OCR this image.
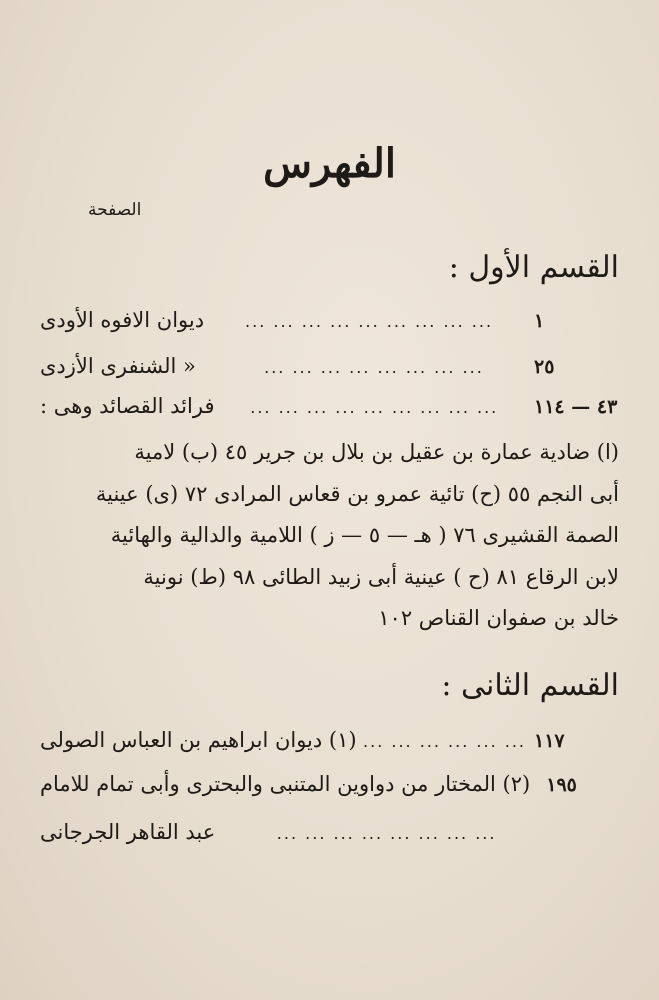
الفهرس
الصفحة
القسم الأول :
ديوان الافوه الأودى	... ... ... ... ... ... ... ... ...	١
« الشنفرى الأزدى	... ... ... ... ... ... ... ...	٢٥
فرائد القصائد وهى :	... ... ... ... ... ... ... ... ...	٤٣ — ١١٤
(ا) ضادية عمارة بن عقيل بن بلال بن جرير ٤٥ (ب) لامية
أبى النجم ٥٥ (ح) تائية عمرو بن قعاس المرادى ٧٢ (ى) عينية
الصمة القشيرى ٧٦ ( هـ — ٥ — ز ) اللامية والدالية والهائية
لابن الرقاع ٨١ (ح ) عينية أبى زبيد الطائى ٩٨ (ط) نونية
خالد بن صفوان القناص ١٠٢
القسم الثانى :
(١) ديوان ابراهيم بن العباس الصولى ... ... ... ... ... ... ١١٧
(٢) المختار من دواوين المتنبى والبحترى وأبى تمام للامام ١٩٥
عبد القاهر الجرجانى	... ... ... ... ... ... ... ...
